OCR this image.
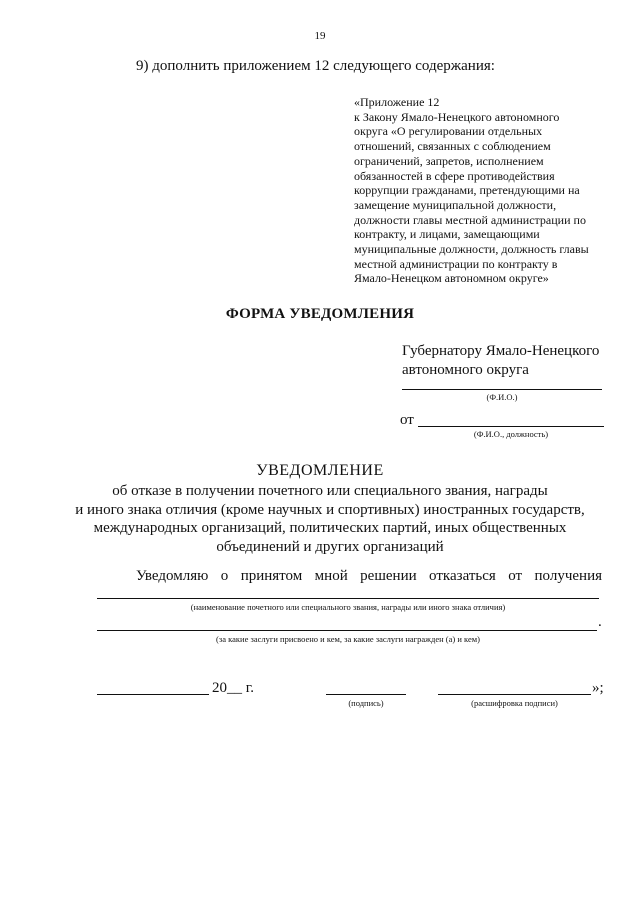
19
9) дополнить приложением 12 следующего содержания:
«Приложение 12
к Закону Ямало-Ненецкого автономного
округа «О регулировании отдельных
отношений, связанных с соблюдением
ограничений, запретов, исполнением
обязанностей в сфере противодействия
коррупции гражданами, претендующими на
замещение муниципальной должности,
должности главы местной администрации по
контракту, и лицами, замещающими
муниципальные должности, должность главы
местной администрации по контракту в
Ямало-Ненецком автономном округе»
ФОРМА УВЕДОМЛЕНИЯ
Губернатору Ямало-Ненецкого
автономного округа
(Ф.И.О.)
от
(Ф.И.О., должность)
УВЕДОМЛЕНИЕ
об отказе в получении почетного или специального звания, награды
и иного знака отличия (кроме научных и спортивных) иностранных государств,
международных организаций, политических партий, иных общественных
объединений и других организаций
Уведомляю о принятом мной решении отказаться от получения
(наименование почетного или специального звания, награды или иного знака отличия)
.
(за какие заслуги присвоено и кем, за какие заслуги награжден (а) и кем)
20__ г.
(подпись)	(расшифровка подписи)
»;
